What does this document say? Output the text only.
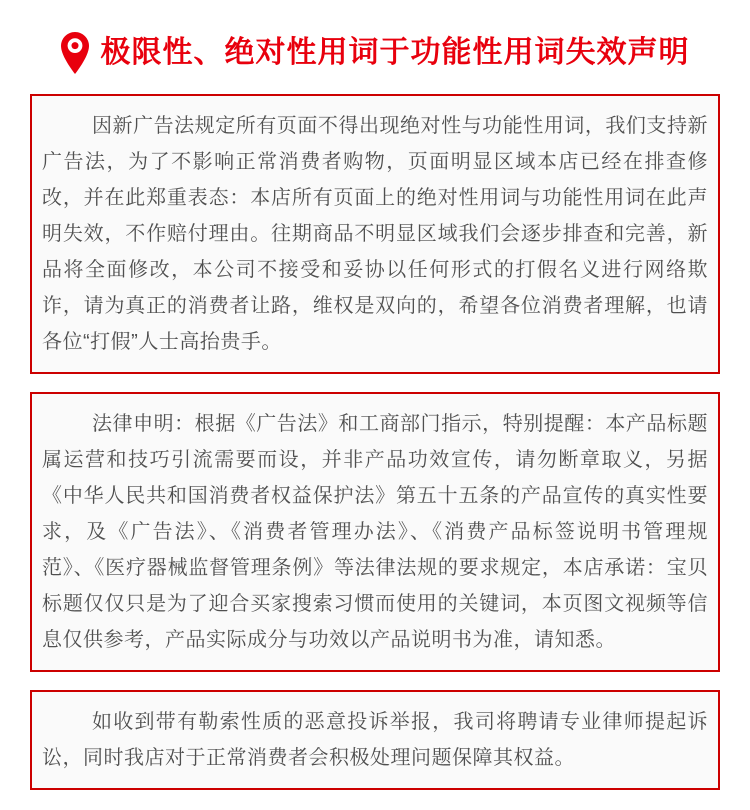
极限性、绝对性用词于功能性用词失效声明

因新广告法规定所有页面不得出现绝对性与功能性用词，我们支持新广告法，为了不影响正常消费者购物，页面明显区域本店已经在排查修改，并在此郑重表态：本店所有页面上的绝对性用词与功能性用词在此声明失效，不作赔付理由。往期商品不明显区域我们会逐步排查和完善，新品将全面修改，本公司不接受和妥协以任何形式的打假名义进行网络欺诈，请为真正的消费者让路，维权是双向的，希望各位消费者理解，也请各位“打假”人士高抬贵手。

法律申明：根据《广告法》和工商部门指示，特别提醒：本产品标题属运营和技巧引流需要而设，并非产品功效宣传，请勿断章取义，另据《中华人民共和国消费者权益保护法》第五十五条的产品宣传的真实性要求，及《广告法》、《消费者管理办法》、《消费产品标签说明书管理规范》、《医疗器械监督管理条例》等法律法规的要求规定，本店承诺：宝贝标题仅仅只是为了迎合买家搜索习惯而使用的关键词，本页图文视频等信息仅供参考，产品实际成分与功效以产品说明书为准，请知悉。

如收到带有勒索性质的恶意投诉举报，我司将聘请专业律师提起诉讼，同时我店对于正常消费者会积极处理问题保障其权益。
